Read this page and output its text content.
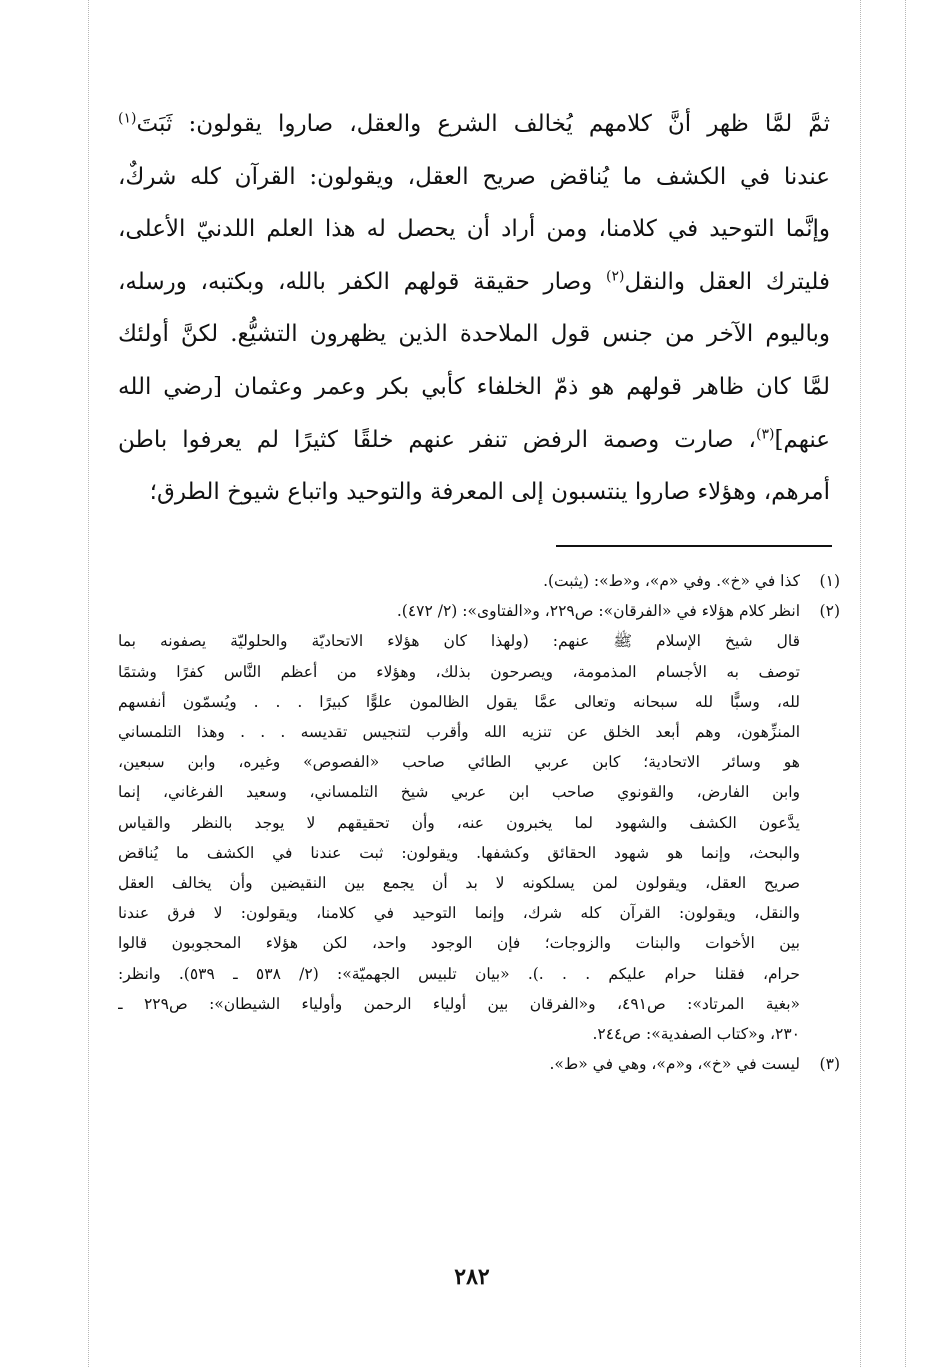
ثمَّ لمَّا ظهر أنَّ كلامهم يُخالف الشرع والعقل، صاروا يقولون: ثَبَتَ$^{(١)}$
عندنا في الكشف ما يُناقض صريح العقل، ويقولون: القرآن كله شركٌ،
وإنَّما التوحيد في كلامنا، ومن أراد أن يحصل له هذا العلم اللدنيّ الأعلى،
فليترك العقل والنقل$^{(٢)}$ وصار حقيقة قولهم الكفر بالله، وبكتبه، ورسله،
وباليوم الآخر من جنس قول الملاحدة الذين يظهرون التشيُّع. لكنَّ أولئك
لمَّا كان ظاهر قولهم هو ذمّ الخلفاء كأبي بكر وعمر وعثمان [رضي الله
عنهم]$^{(٣)}$، صارت وصمة الرفض تنفر عنهم خلقًا كثيرًا لم يعرفوا باطن
أمرهم، وهؤلاء صاروا ينتسبون إلى المعرفة والتوحيد واتباع شيوخ الطرق؛
(١)
كذا في «خ». وفي «م»، و«ط»: (يثبت).
(٢)
انظر كلام هؤلاء في «الفرقان»: ص٢٢٩، و«الفتاوى»: (٢/ ٤٧٢).
قال شيخ الإسلام ﷺ عنهم: (ولهذا كان هؤلاء الاتحاديّة والحلوليّة يصفونه بما
توصف به الأجسام المذمومة، ويصرحون بذلك، وهؤلاء من أعظم النَّاس كفرًا وشتمًا
لله، وسبًّا لله سبحانه وتعالى عمَّا يقول الظالمون علوًّا كبيرًا . . . ويُسمّون أنفسهم
المنزِّهون، وهم أبعد الخلق عن تنزيه الله وأقرب لتنجيس تقديسه . . . وهذا التلمساني
هو وسائر الاتحادية؛ كابن عربي الطائي صاحب «الفصوص» وغيره، وابن سبعين،
وابن الفارض، والقونوي صاحب ابن عربي شيخ التلمساني، وسعيد الفرغاني، إنما
يدَّعون الكشف والشهود لما يخبرون عنه، وأن تحقيقهم لا يوجد بالنظر والقياس
والبحث، وإنما هو شهود الحقائق وكشفها. ويقولون: ثبت عندنا في الكشف ما يُناقض
صريح العقل، ويقولون لمن يسلكونه لا بد أن يجمع بين النقيضين وأن يخالف العقل
والنقل، ويقولون: القرآن كله شرك، وإنما التوحيد في كلامنا، ويقولون: لا فرق عندنا
بين الأخوات والبنات والزوجات؛ فإن الوجود واحد، لكن هؤلاء المحجوبون قالوا
حرام، فقلنا حرام عليكم . . .). «بيان تلبيس الجهميّة»: (٢/ ٥٣٨ ـ ٥٣٩). وانظر:
«بغية المرتاد»: ص٤٩١، و«الفرقان بين أولياء الرحمن وأولياء الشيطان»: ص٢٢٩ ـ
٢٣٠، و«كتاب الصفدية»: ص٢٤٤.
(٣)
ليست في «خ»، و«م»، وهي في «ط».
٢٨٢
